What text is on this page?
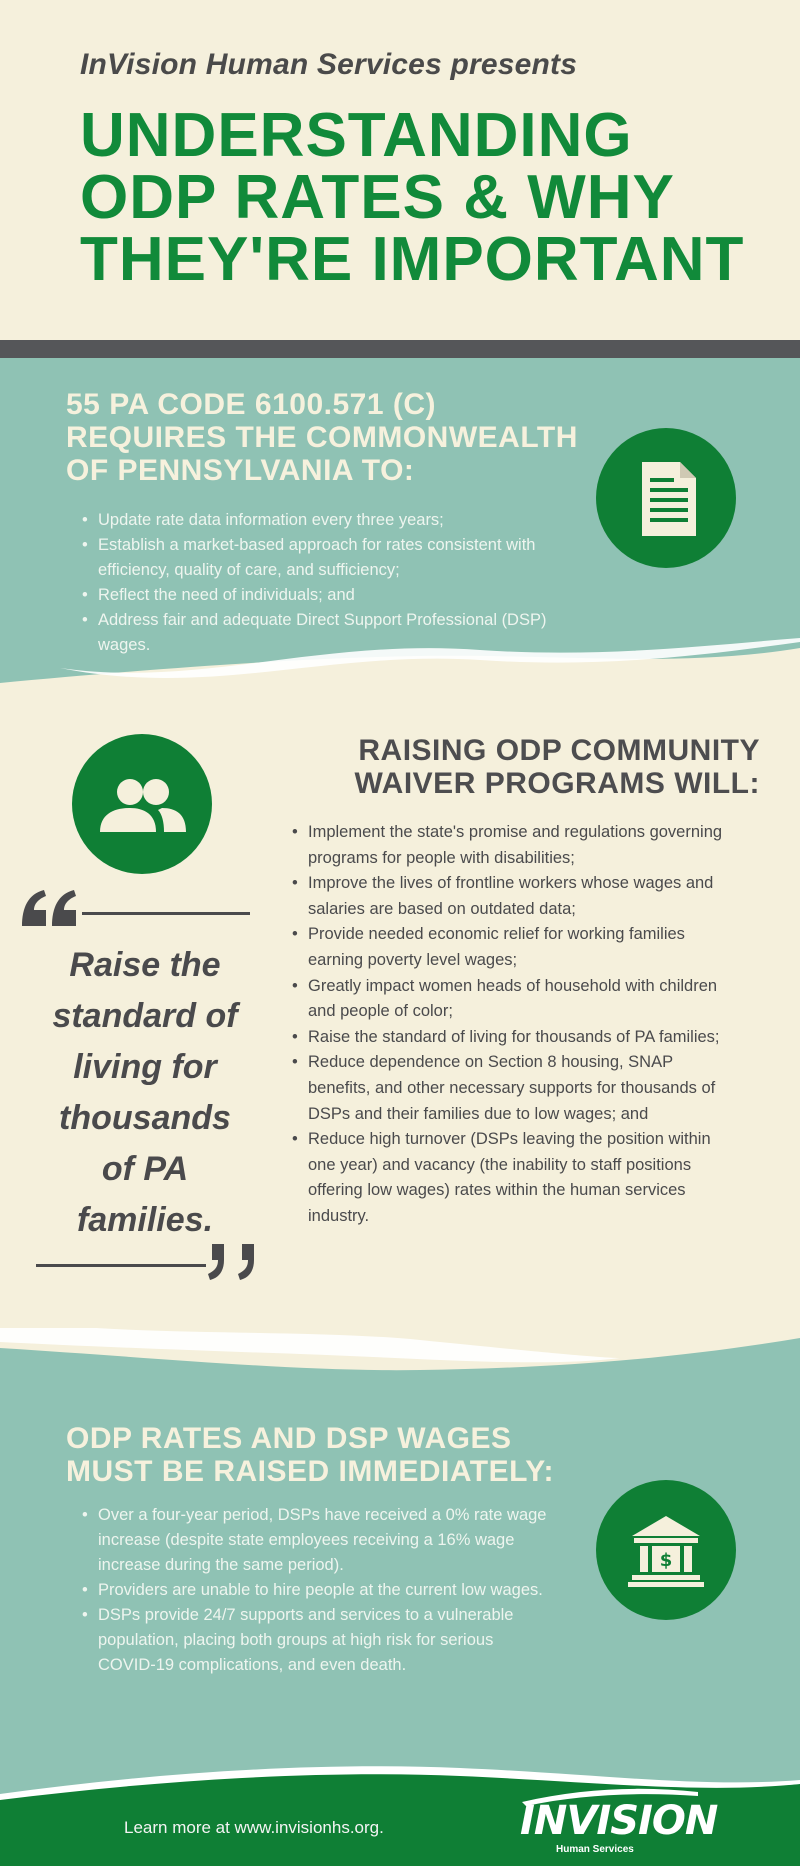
InVision Human Services presents
UNDERSTANDING
ODP RATES & WHY
THEY'RE IMPORTANT
55 PA CODE 6100.571 (C)
REQUIRES THE COMMONWEALTH
OF PENNSYLVANIA TO:
• Update rate data information every three years;
• Establish a market-based approach for rates consistent with efficiency, quality of care, and sufficiency;
• Reflect the need of individuals; and
• Address fair and adequate Direct Support Professional (DSP) wages.
RAISING ODP COMMUNITY
WAIVER PROGRAMS WILL:
Raise the
standard of
living for
thousands
of PA
families.
• Implement the state's promise and regulations governing programs for people with disabilities;
• Improve the lives of frontline workers whose wages and salaries are based on outdated data;
• Provide needed economic relief for working families earning poverty level wages;
• Greatly impact women heads of household with children and people of color;
• Raise the standard of living for thousands of PA families;
• Reduce dependence on Section 8 housing, SNAP benefits, and other necessary supports for thousands of DSPs and their families due to low wages; and
• Reduce high turnover (DSPs leaving the position within one year) and vacancy (the inability to staff positions offering low wages) rates within the human services industry.
ODP RATES AND DSP WAGES
MUST BE RAISED IMMEDIATELY:
• Over a four-year period, DSPs have received a 0% rate wage increase (despite state employees receiving a 16% wage increase during the same period).
• Providers are unable to hire people at the current low wages.
• DSPs provide 24/7 supports and services to a vulnerable population, placing both groups at high risk for serious COVID-19 complications, and even death.
$
Learn more at www.invisionhs.org.	INVISION
Human Services
